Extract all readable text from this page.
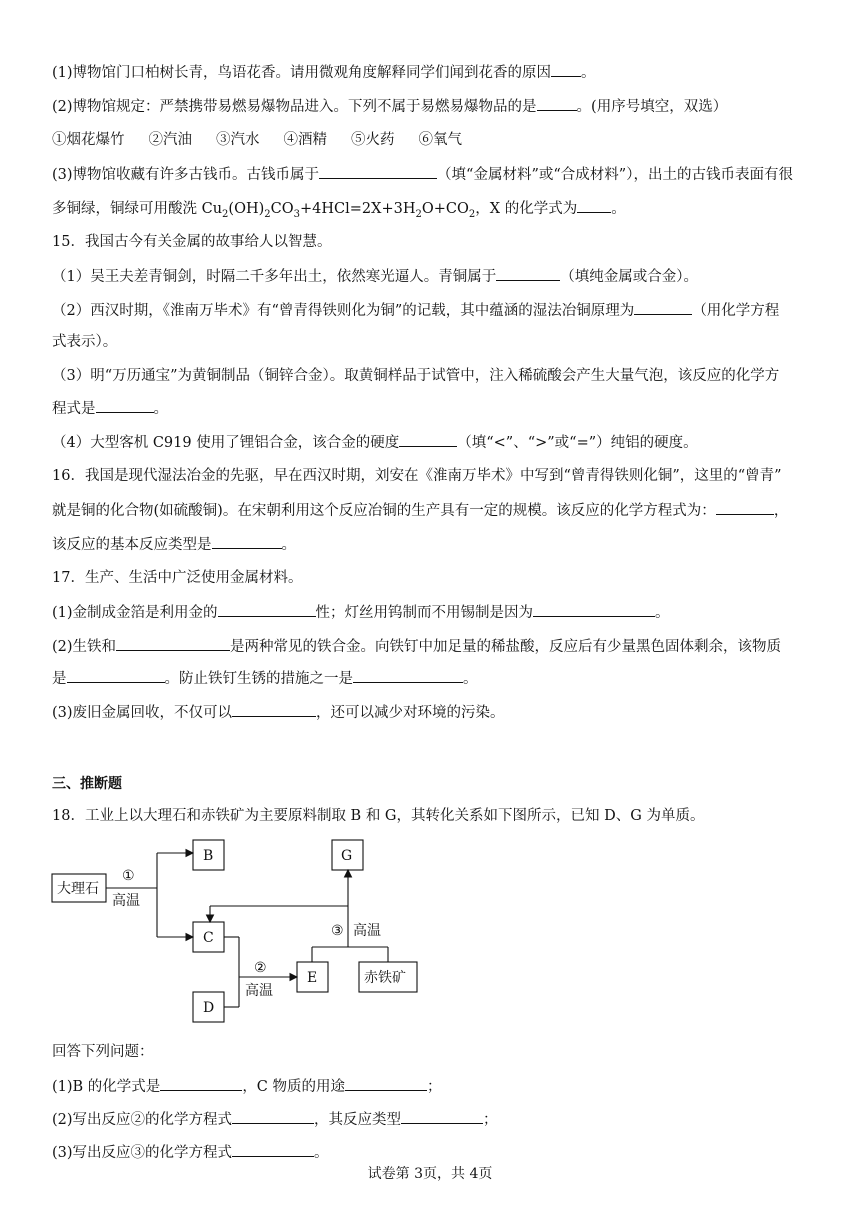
(1)博物馆门口柏树长青，鸟语花香。请用微观角度解释同学们闻到花香的原因 。
(2)博物馆规定：严禁携带易燃易爆物品进入。下列不属于易燃易爆物品的是	。(用序号填空，双选）
①烟花爆竹 ②汽油 ③汽水 ④酒精 ⑤火药 ⑥氧气
(3)博物馆收藏有许多古钱币。古钱币属于	（填“金属材料”或“合成材料”），出土的古钱币表面有很
多铜绿，铜绿可用酸洗 $Cu_2(OH)_2CO_3+4HCl=2X+3H_2O+CO_2$，X 的化学式为 。
15．我国古今有关金属的故事给人以智慧。
（1）吴王夫差青铜剑，时隔二千多年出土，依然寒光逼人。青铜属于	（填纯金属或合金）。
（2）西汉时期，《淮南万毕术》有“曾青得铁则化为铜”的记载，其中蕴涵的湿法冶铜原理为	（用化学方程
式表示）。
（3）明“万历通宝”为黄铜制品（铜锌合金）。取黄铜样品于试管中，注入稀硫酸会产生大量气泡，该反应的化学方
程式是	。
（4）大型客机 C919 使用了锂铝合金，该合金的硬度	（填“<”、“>”或“=”）纯铝的硬度。
16．我国是现代湿法冶金的先驱，早在西汉时期，刘安在《淮南万毕术》中写到“曾青得铁则化铜”，这里的“曾青”
就是铜的化合物(如硫酸铜)。在宋朝利用这个反应冶铜的生产具有一定的规模。该反应的化学方程式为：	，
该反应的基本反应类型是	。
17．生产、生活中广泛使用金属材料。
(1)金制成金箔是利用金的	性；灯丝用钨制而不用锡制是因为	。
(2)生铁和	是两种常见的铁合金。向铁钉中加足量的稀盐酸，反应后有少量黑色固体剩余，该物质
是	。防止铁钉生锈的措施之一是	。
(3)废旧金属回收，不仅可以	，还可以减少对环境的污染。
三、推断题
18．工业上以大理石和赤铁矿为主要原料制取 B 和 G，其转化关系如下图所示，已知 D、G 为单质。
大理石
B
C
D
E
G
赤铁矿
①
高温
②
高温
③ 高温
回答下列问题：
(1)B 的化学式是	，C 物质的用途	；
(2)写出反应②的化学方程式	，其反应类型	；
(3)写出反应③的化学方程式	。
试卷第 3页，共 4页
